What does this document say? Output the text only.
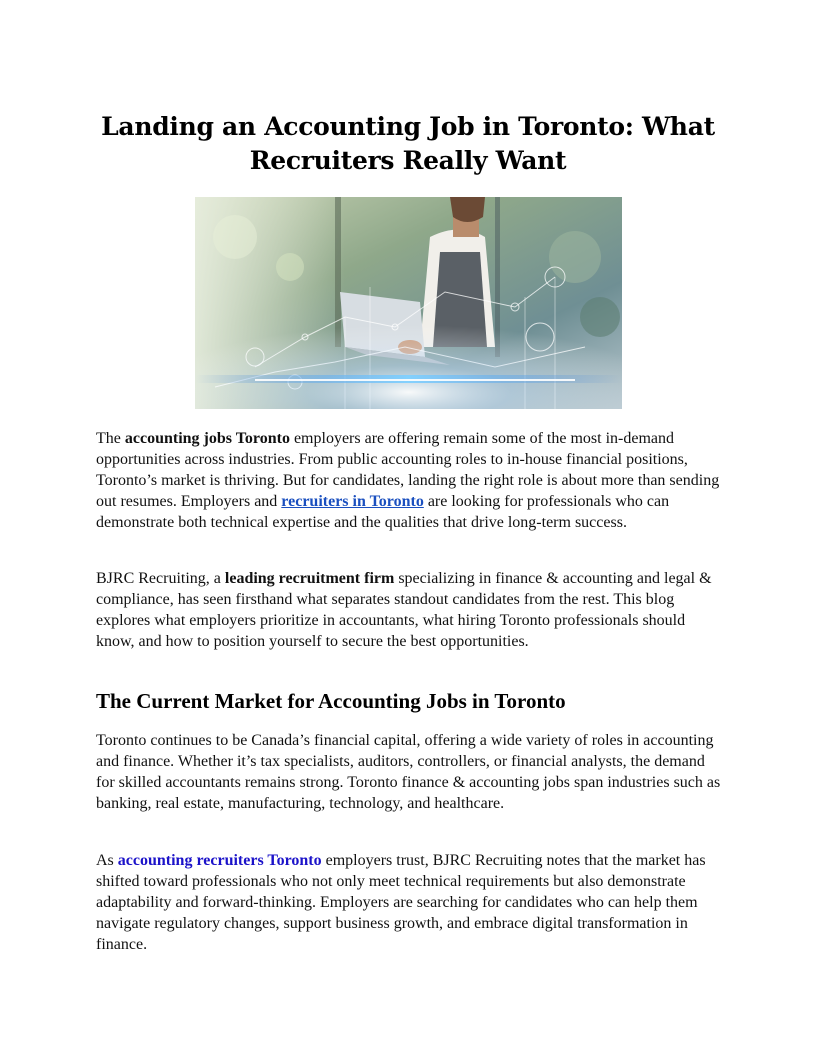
Landing an Accounting Job in Toronto: What Recruiters Really Want

The accounting jobs Toronto employers are offering remain some of the most in-demand opportunities across industries. From public accounting roles to in-house financial positions, Toronto’s market is thriving. But for candidates, landing the right role is about more than sending out resumes. Employers and recruiters in Toronto are looking for professionals who can demonstrate both technical expertise and the qualities that drive long-term success.

BJRC Recruiting, a leading recruitment firm specializing in finance & accounting and legal & compliance, has seen firsthand what separates standout candidates from the rest. This blog explores what employers prioritize in accountants, what hiring Toronto professionals should know, and how to position yourself to secure the best opportunities.

The Current Market for Accounting Jobs in Toronto

Toronto continues to be Canada’s financial capital, offering a wide variety of roles in accounting and finance. Whether it’s tax specialists, auditors, controllers, or financial analysts, the demand for skilled accountants remains strong. Toronto finance & accounting jobs span industries such as banking, real estate, manufacturing, technology, and healthcare.

As accounting recruiters Toronto employers trust, BJRC Recruiting notes that the market has shifted toward professionals who not only meet technical requirements but also demonstrate adaptability and forward-thinking. Employers are searching for candidates who can help them navigate regulatory changes, support business growth, and embrace digital transformation in finance.
